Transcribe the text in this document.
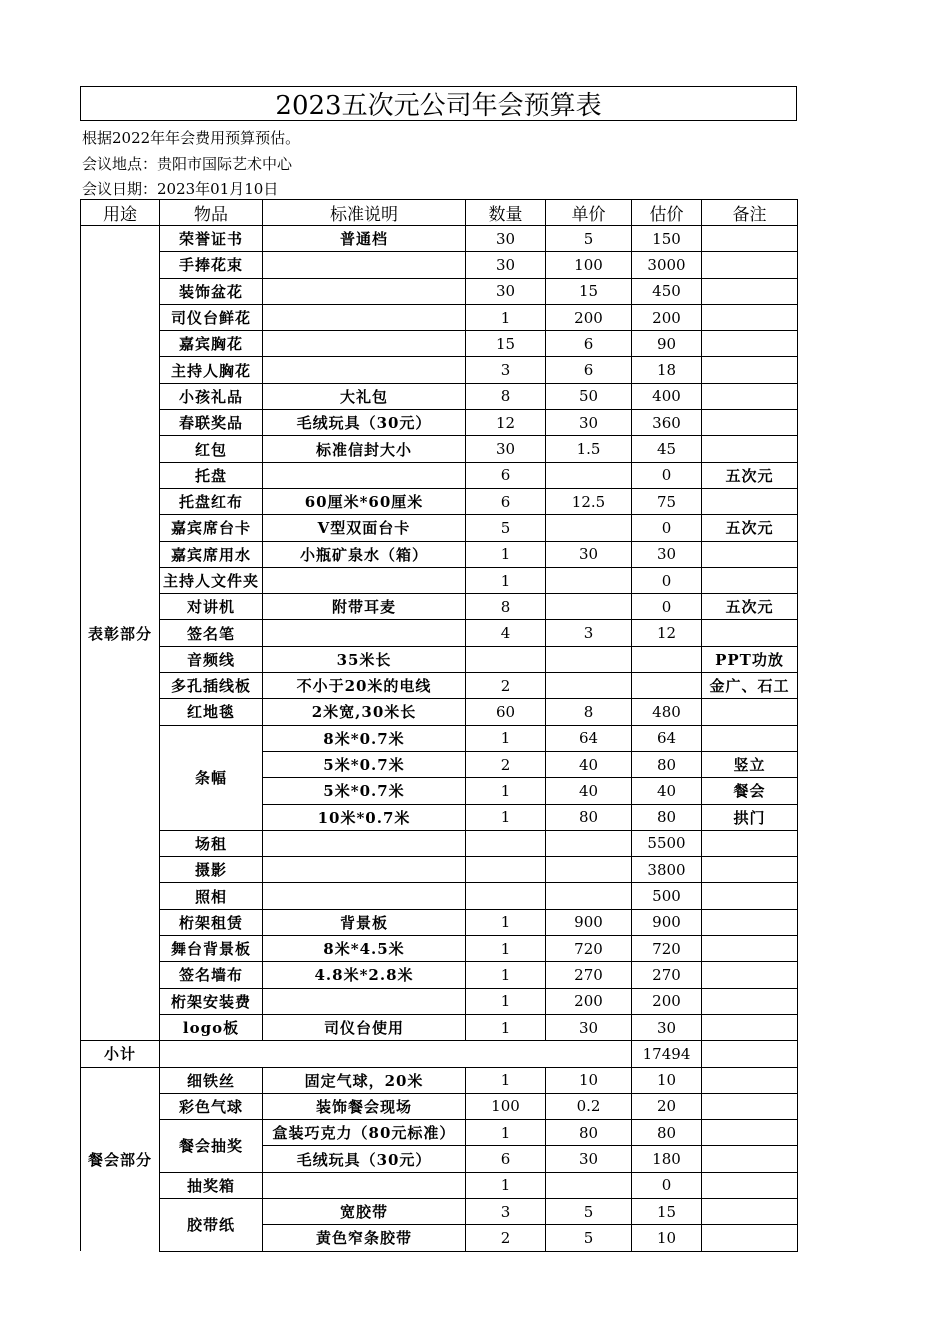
2023五次元公司年会预算表
根据2022年年会费用预算预估。
会议地点：贵阳市国际艺术中心
会议日期：2023年01月10日
用途	物品	标准说明	数量	单价	估价	备注
表彰部分	荣誉证书	普通档	30	5	150	
	手捧花束		30	100	3000	
	装饰盆花		30	15	450	
	司仪台鲜花		1	200	200	
	嘉宾胸花		15	6	90	
	主持人胸花		3	6	18	
	小孩礼品	大礼包	8	50	400	
	春联奖品	毛绒玩具（30元）	12	30	360	
	红包	标准信封大小	30	1.5	45	
	托盘		6		0	五次元
	托盘红布	60厘米*60厘米	6	12.5	75	
	嘉宾席台卡	V型双面台卡	5		0	五次元
	嘉宾席用水	小瓶矿泉水（箱）	1	30	30	
	主持人文件夹		1		0	
	对讲机	附带耳麦	8		0	五次元
	签名笔		4	3	12	
	音频线	35米长				PPT功放
	多孔插线板	不小于20米的电线	2			金广、石工
	红地毯	2米宽,30米长	60	8	480	
	条幅	8米*0.7米	1	64	64	
		5米*0.7米	2	40	80	竖立
		5米*0.7米	1	40	40	餐会
		10米*0.7米	1	80	80	拱门
	场租				5500	
	摄影				3800	
	照相				500	
	桁架租赁	背景板	1	900	900	
	舞台背景板	8米*4.5米	1	720	720	
	签名墙布	4.8米*2.8米	1	270	270	
	桁架安装费		1	200	200	
	logo板	司仪台使用	1	30	30	
小计					17494	
餐会部分	细铁丝	固定气球，20米	1	10	10	
	彩色气球	装饰餐会现场	100	0.2	20	
	餐会抽奖	盒装巧克力（80元标准）	1	80	80	
		毛绒玩具（30元）	6	30	180	
	抽奖箱		1		0	
	胶带纸	宽胶带	3	5	15	
		黄色窄条胶带	2	5	10	
